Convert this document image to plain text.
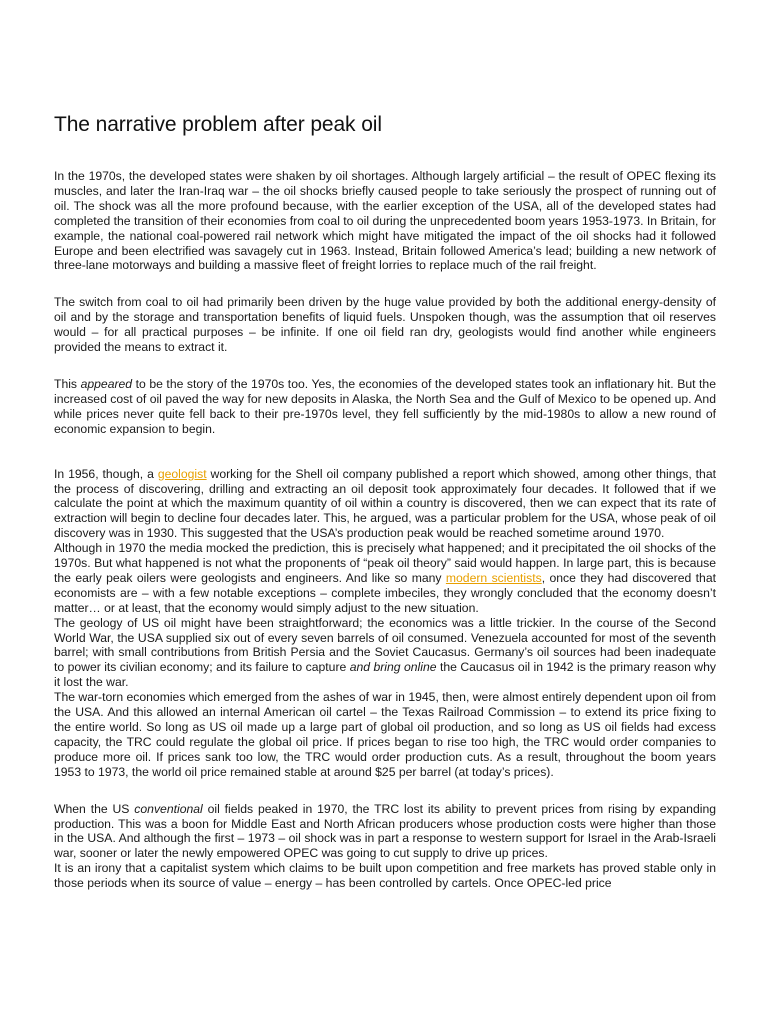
The narrative problem after peak oil

In the 1970s, the developed states were shaken by oil shortages. Although largely artificial – the result of OPEC flexing its muscles, and later the Iran-Iraq war – the oil shocks briefly caused people to take seriously the prospect of running out of oil. The shock was all the more profound because, with the earlier exception of the USA, all of the developed states had completed the transition of their economies from coal to oil during the unprecedented boom years 1953-1973. In Britain, for example, the national coal-powered rail network which might have mitigated the impact of the oil shocks had it followed Europe and been electrified was savagely cut in 1963. Instead, Britain followed America’s lead; building a new network of three-lane motorways and building a massive fleet of freight lorries to replace much of the rail freight.

The switch from coal to oil had primarily been driven by the huge value provided by both the additional energy-density of oil and by the storage and transportation benefits of liquid fuels. Unspoken though, was the assumption that oil reserves would – for all practical purposes – be infinite. If one oil field ran dry, geologists would find another while engineers provided the means to extract it.

This appeared to be the story of the 1970s too. Yes, the economies of the developed states took an inflationary hit. But the increased cost of oil paved the way for new deposits in Alaska, the North Sea and the Gulf of Mexico to be opened up. And while prices never quite fell back to their pre-1970s level, they fell sufficiently by the mid-1980s to allow a new round of economic expansion to begin.

In 1956, though, a geologist working for the Shell oil company published a report which showed, among other things, that the process of discovering, drilling and extracting an oil deposit took approximately four decades. It followed that if we calculate the point at which the maximum quantity of oil within a country is discovered, then we can expect that its rate of extraction will begin to decline four decades later. This, he argued, was a particular problem for the USA, whose peak of oil discovery was in 1930. This suggested that the USA’s production peak would be reached sometime around 1970.

Although in 1970 the media mocked the prediction, this is precisely what happened; and it precipitated the oil shocks of the 1970s. But what happened is not what the proponents of “peak oil theory” said would happen. In large part, this is because the early peak oilers were geologists and engineers. And like so many modern scientists, once they had discovered that economists are – with a few notable exceptions – complete imbeciles, they wrongly concluded that the economy doesn’t matter… or at least, that the economy would simply adjust to the new situation.

The geology of US oil might have been straightforward; the economics was a little trickier. In the course of the Second World War, the USA supplied six out of every seven barrels of oil consumed. Venezuela accounted for most of the seventh barrel; with small contributions from British Persia and the Soviet Caucasus. Germany’s oil sources had been inadequate to power its civilian economy; and its failure to capture and bring online the Caucasus oil in 1942 is the primary reason why it lost the war.

The war-torn economies which emerged from the ashes of war in 1945, then, were almost entirely dependent upon oil from the USA. And this allowed an internal American oil cartel – the Texas Railroad Commission – to extend its price fixing to the entire world. So long as US oil made up a large part of global oil production, and so long as US oil fields had excess capacity, the TRC could regulate the global oil price. If prices began to rise too high, the TRC would order companies to produce more oil. If prices sank too low, the TRC would order production cuts. As a result, throughout the boom years 1953 to 1973, the world oil price remained stable at around $25 per barrel (at today’s prices).

When the US conventional oil fields peaked in 1970, the TRC lost its ability to prevent prices from rising by expanding production. This was a boon for Middle East and North African producers whose production costs were higher than those in the USA. And although the first – 1973 – oil shock was in part a response to western support for Israel in the Arab-Israeli war, sooner or later the newly empowered OPEC was going to cut supply to drive up prices.

It is an irony that a capitalist system which claims to be built upon competition and free markets has proved stable only in those periods when its source of value – energy – has been controlled by cartels. Once OPEC-led price
